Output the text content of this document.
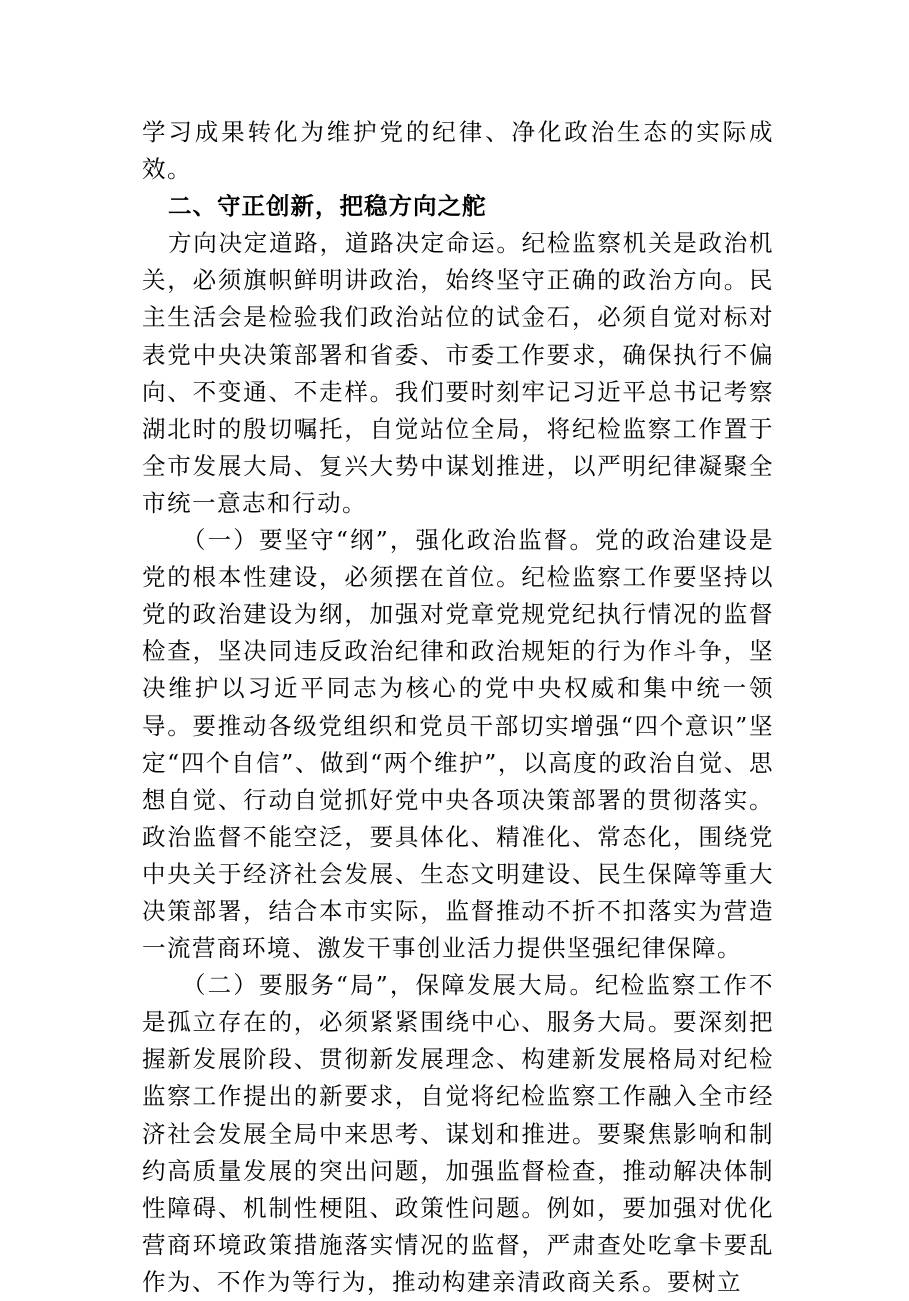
学习成果转化为维护党的纪律、净化政治生态的实际成效。

二、守正创新，把稳方向之舵

方向决定道路，道路决定命运。纪检监察机关是政治机关，必须旗帜鲜明讲政治，始终坚守正确的政治方向。民主生活会是检验我们政治站位的试金石，必须自觉对标对表党中央决策部署和省委、市委工作要求，确保执行不偏向、不变通、不走样。我们要时刻牢记习近平总书记考察湖北时的殷切嘱托，自觉站位全局，将纪检监察工作置于全市发展大局、复兴大势中谋划推进，以严明纪律凝聚全市统一意志和行动。

（一）要坚守“纲”，强化政治监督。党的政治建设是党的根本性建设，必须摆在首位。纪检监察工作要坚持以党的政治建设为纲，加强对党章党规党纪执行情况的监督检查，坚决同违反政治纪律和政治规矩的行为作斗争，坚决维护以习近平同志为核心的党中央权威和集中统一领导。要推动各级党组织和党员干部切实增强“四个意识”坚定“四个自信”、做到“两个维护”，以高度的政治自觉、思想自觉、行动自觉抓好党中央各项决策部署的贯彻落实。政治监督不能空泛，要具体化、精准化、常态化，围绕党中央关于经济社会发展、生态文明建设、民生保障等重大决策部署，结合本市实际，监督推动不折不扣落实为营造一流营商环境、激发干事创业活力提供坚强纪律保障。

（二）要服务“局”，保障发展大局。纪检监察工作不是孤立存在的，必须紧紧围绕中心、服务大局。要深刻把握新发展阶段、贯彻新发展理念、构建新发展格局对纪检监察工作提出的新要求，自觉将纪检监察工作融入全市经济社会发展全局中来思考、谋划和推进。要聚焦影响和制约高质量发展的突出问题，加强监督检查，推动解决体制性障碍、机制性梗阻、政策性问题。例如，要加强对优化营商环境政策措施落实情况的监督，严肃查处吃拿卡要乱作为、不作为等行为，推动构建亲清政商关系。要树立
